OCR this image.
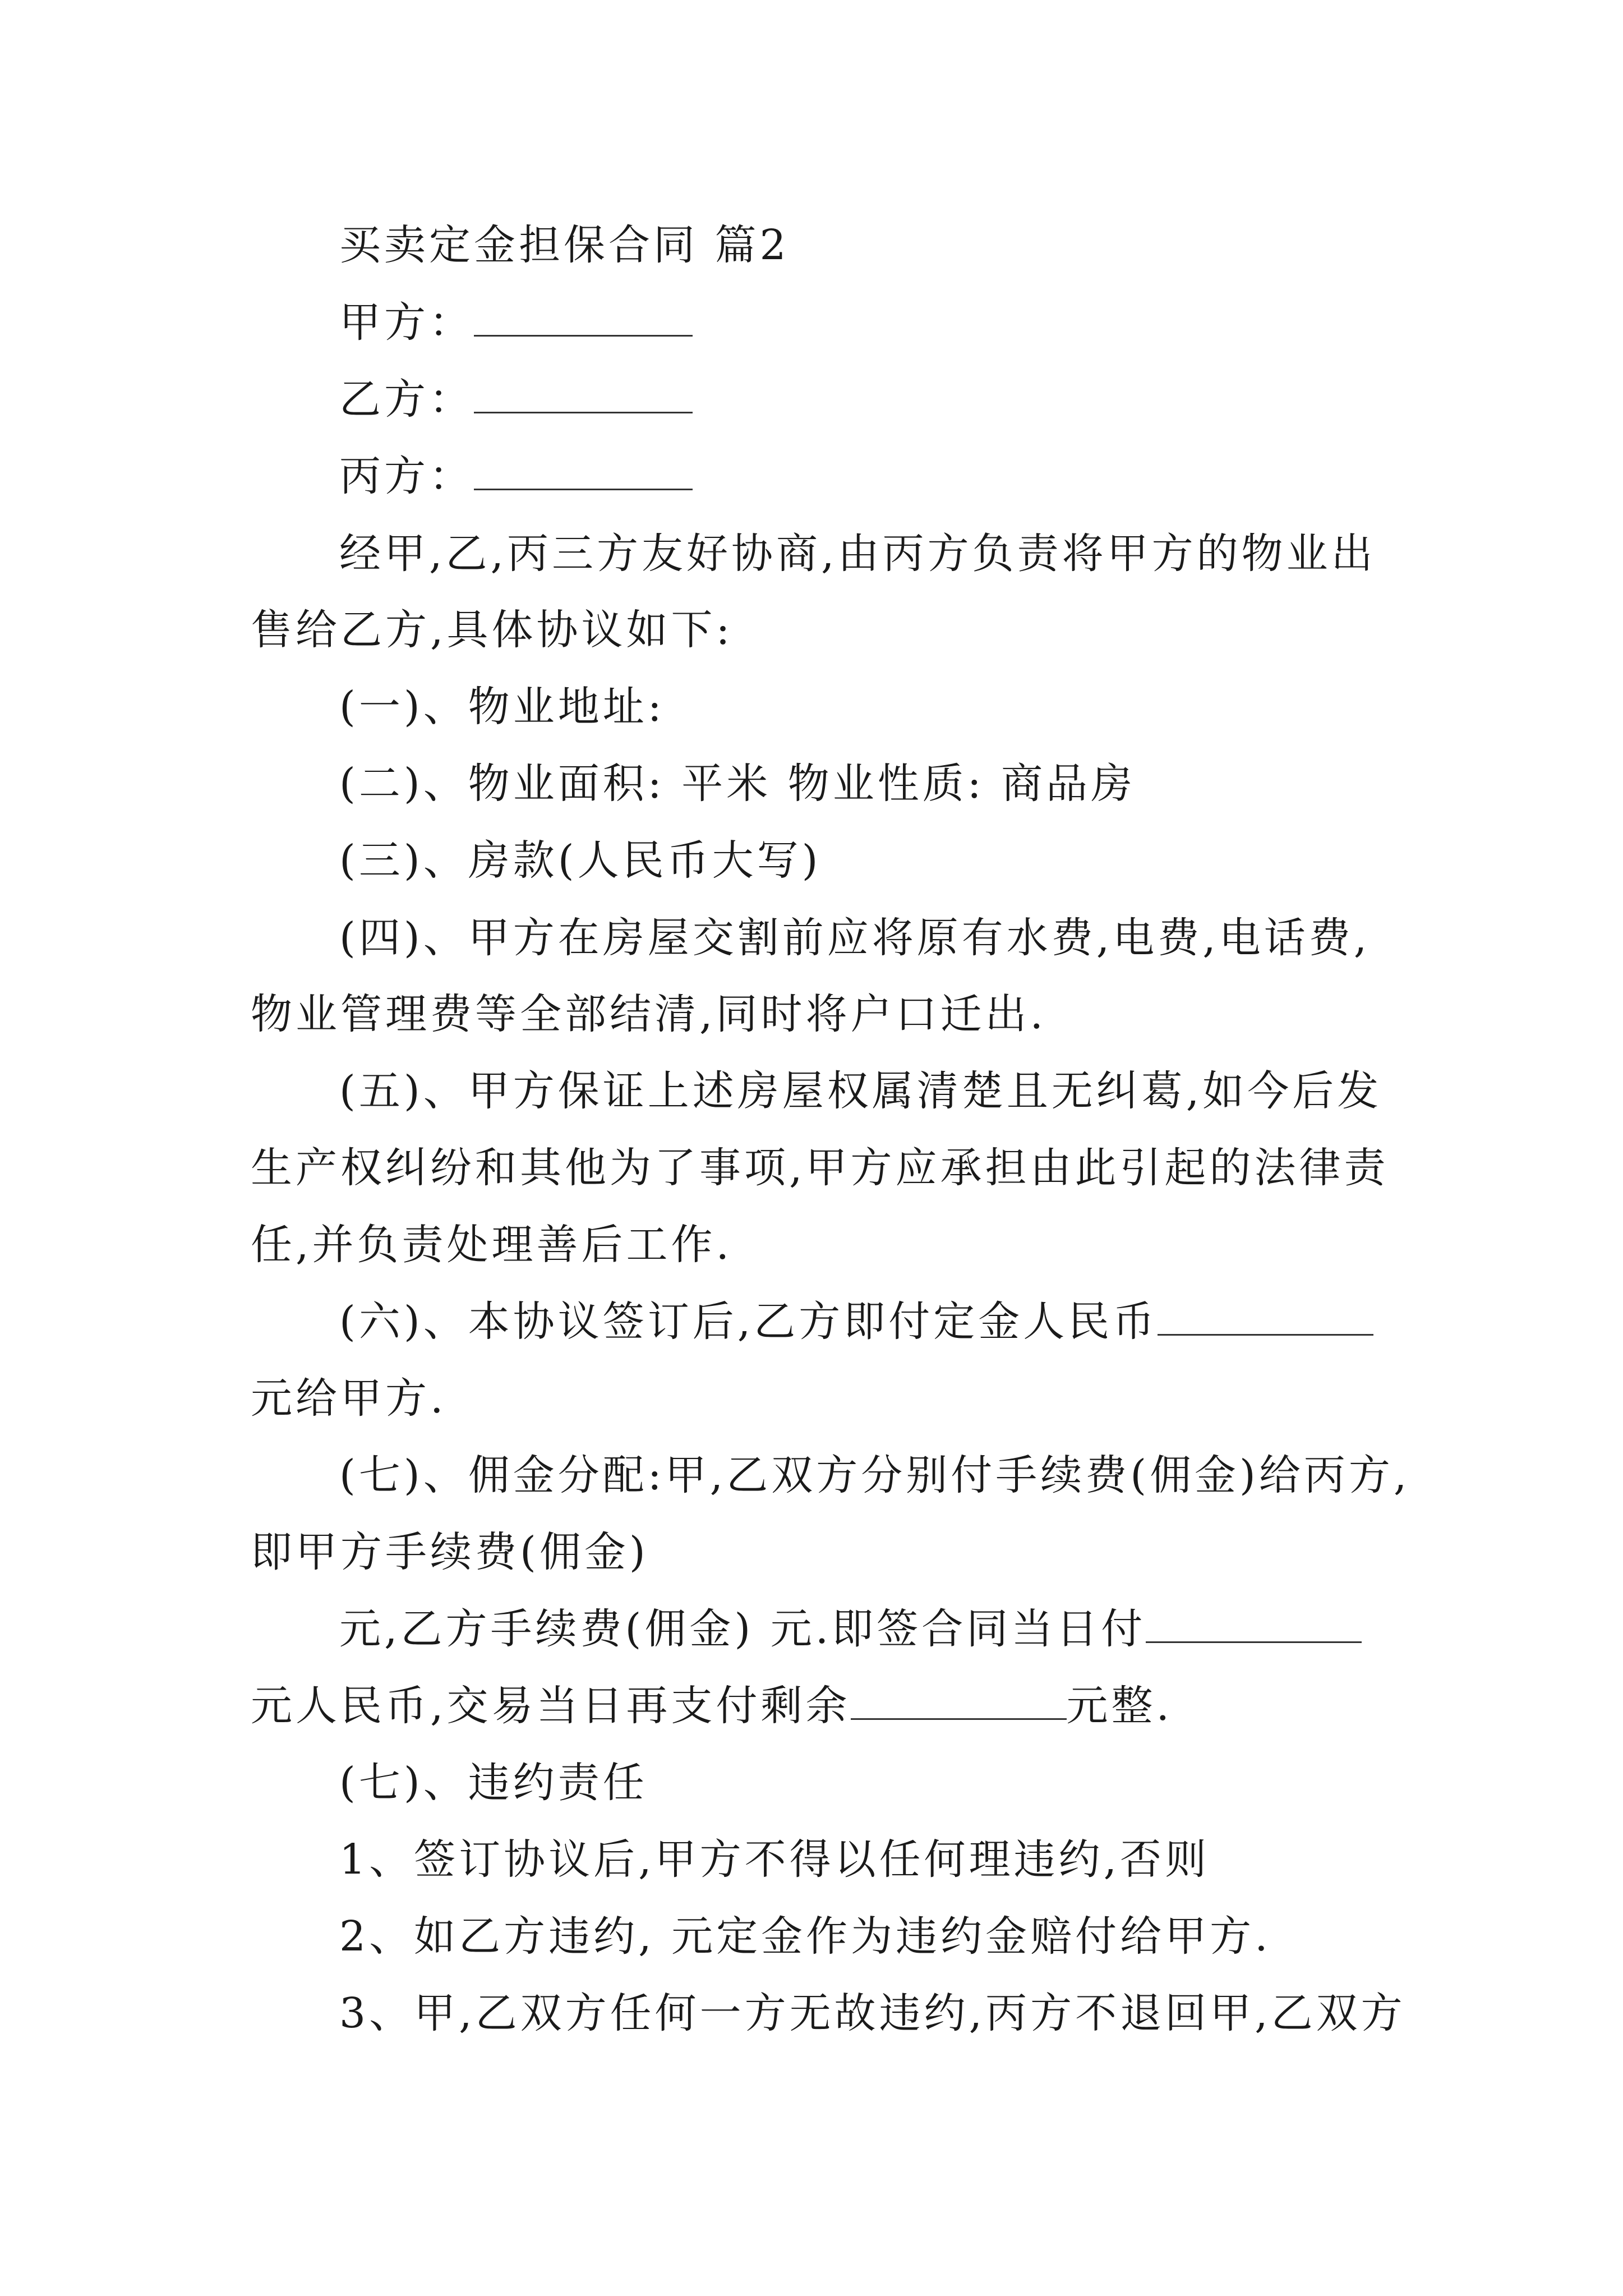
买卖定金担保合同 篇2
甲方：
乙方：
丙方：
经甲,乙,丙三方友好协商,由丙方负责将甲方的物业出
售给乙方,具体协议如下:
(一)、物业地址:
(二)、物业面积: 平米 物业性质: 商品房
(三)、房款(人民币大写)
(四)、甲方在房屋交割前应将原有水费,电费,电话费,
物业管理费等全部结清,同时将户口迁出.
(五)、甲方保证上述房屋权属清楚且无纠葛,如今后发
生产权纠纷和其他为了事项,甲方应承担由此引起的法律责
任,并负责处理善后工作.
(六)、本协议签订后,乙方即付定金人民币
元给甲方.
(七)、佣金分配:甲,乙双方分别付手续费(佣金)给丙方,
即甲方手续费(佣金)
元,乙方手续费(佣金) 元.即签合同当日付
元人民币,交易当日再支付剩余	元整.
(七)、违约责任
1、签订协议后,甲方不得以任何理违约,否则
2、如乙方违约, 元定金作为违约金赔付给甲方.
3、甲,乙双方任何一方无故违约,丙方不退回甲,乙双方
